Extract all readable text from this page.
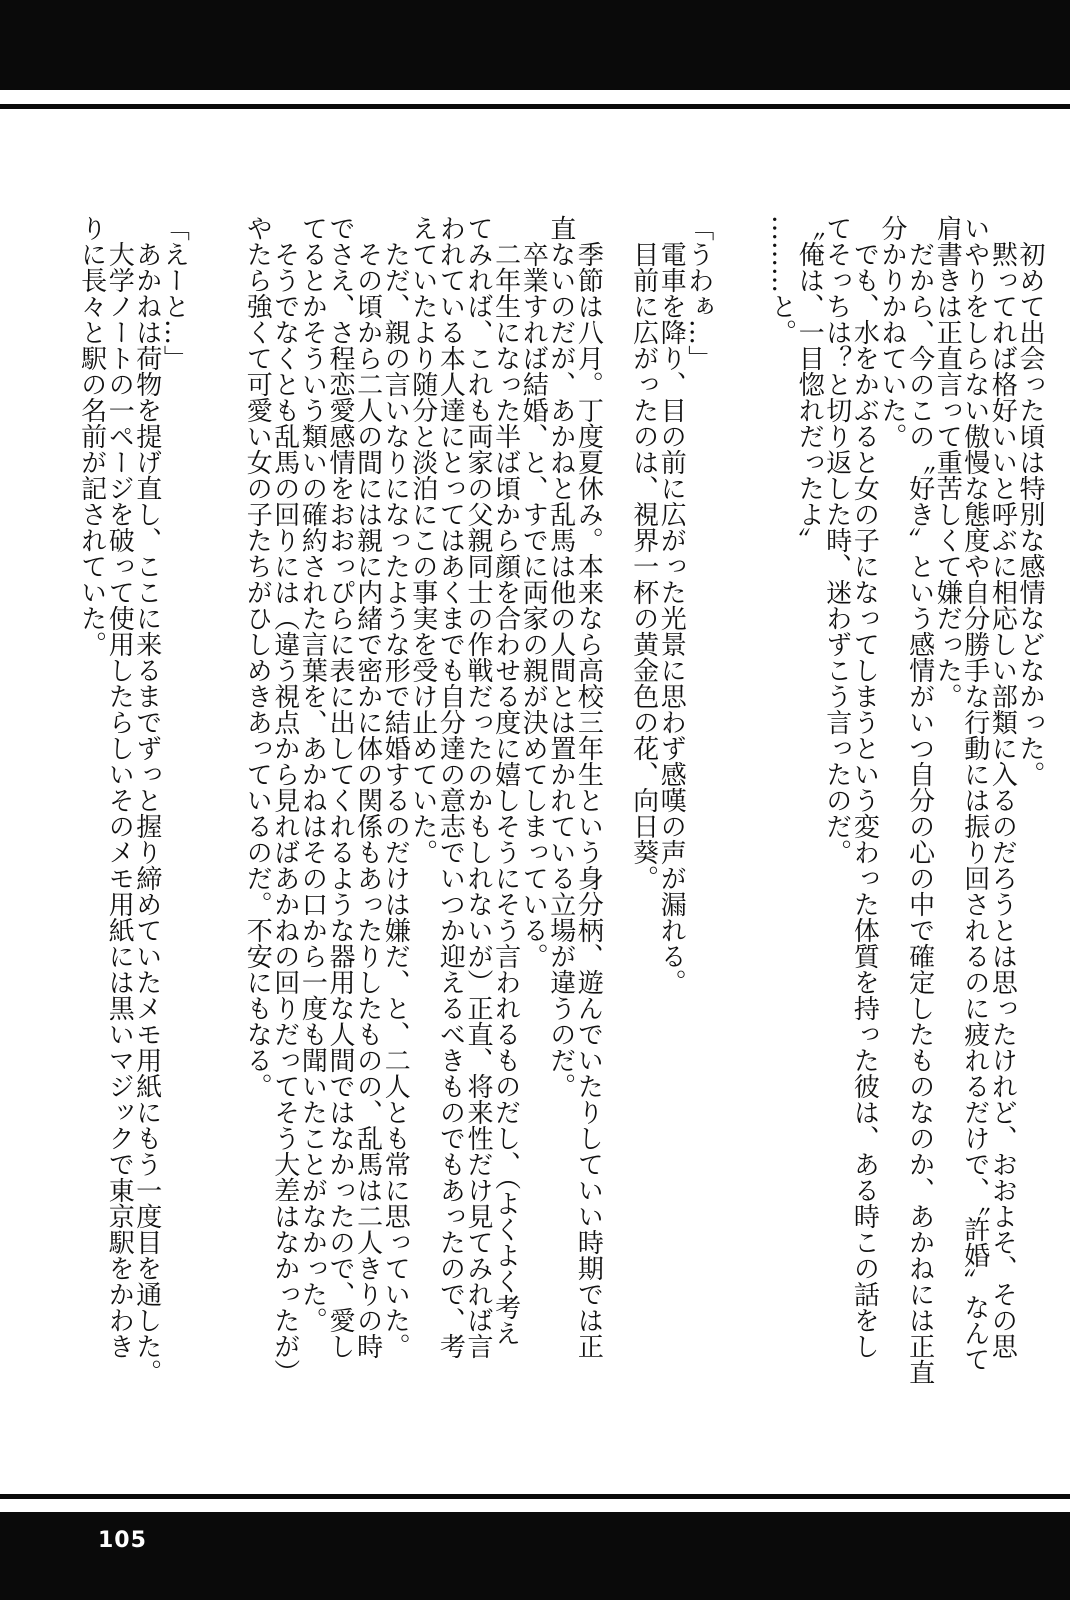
　初めて出会った頃は特別な感情などなかった。
　黙ってれば格好いいと呼ぶに相応しい部類に入るのだろうとは思ったけれど、おおよそ、その思
いやりをしらない傲慢な態度や自分勝手な行動には振り回されるのに疲れるだけで、〝許婚〟なんて
肩書きは正直言って重苦しくて嫌だった。
　だから、今のこの〝好き〟という感情がいつ自分の心の中で確定したものなのか、あかねには正直
分かりかねていた。
　でも、水をかぶると女の子になってしまうという変わった体質を持った彼は、ある時この話をし
てそっちは？と切り返した時、迷わずこう言ったのだ。
〝俺は、一目惚れだったよ〟
………と。
「うわぁ…」
　電車を降り、目の前に広がった光景に思わず感嘆の声が漏れる。
　目前に広がったのは、視界一杯の黄金色の花、向日葵。
　季節は八月。丁度夏休み。本来なら高校三年生という身分柄、遊んでいたりしていい時期では正
直ないのだが、あかねと乱馬は他の人間とは置かれている立場が違うのだ。
　卒業すれば結婚、と、すでに両家の親が決めてしまっている。
　二年生になった半ば頃から顔を合わせる度に嬉しそうにそう言われるものだし、（よくよく考え
てみれば、これも両家の父親同士の作戦だったのかもしれないが）正直、将来性だけ見てみれば言
われている本人達にとってはあくまでも自分達の意志でいつか迎えるべきものでもあったので、考
えていたより随分と淡泊にこの事実を受け止めていた。
　ただ、親の言いなりになったような形で結婚するのだけは嫌だ、と、二人とも常に思っていた。
　その頃から二人の間には親に内緒で密かに体の関係もあったりしたものの、乱馬は二人きりの時
でさえ、さ程恋愛感情をおおっぴらに表に出してくれるような器用な人間ではなかったので、愛し
てるとかそういう類いの確約された言葉を、あかねはその口から一度も聞いたことがなかった。
　そうでなくとも乱馬の回りには（違う視点から見ればあかねの回りだってそう大差はなかったが）
やたら強くて可愛い女の子たちがひしめきあっているのだ。不安にもなる。
「えーと…」
　あかねは荷物を提げ直し、ここに来るまでずっと握り締めていたメモ用紙にもう一度目を通した。
　大学ノートの一ページを破って使用したらしいそのメモ用紙には黒いマジックで東京駅をかわき
りに長々と駅の名前が記されていた。
105
